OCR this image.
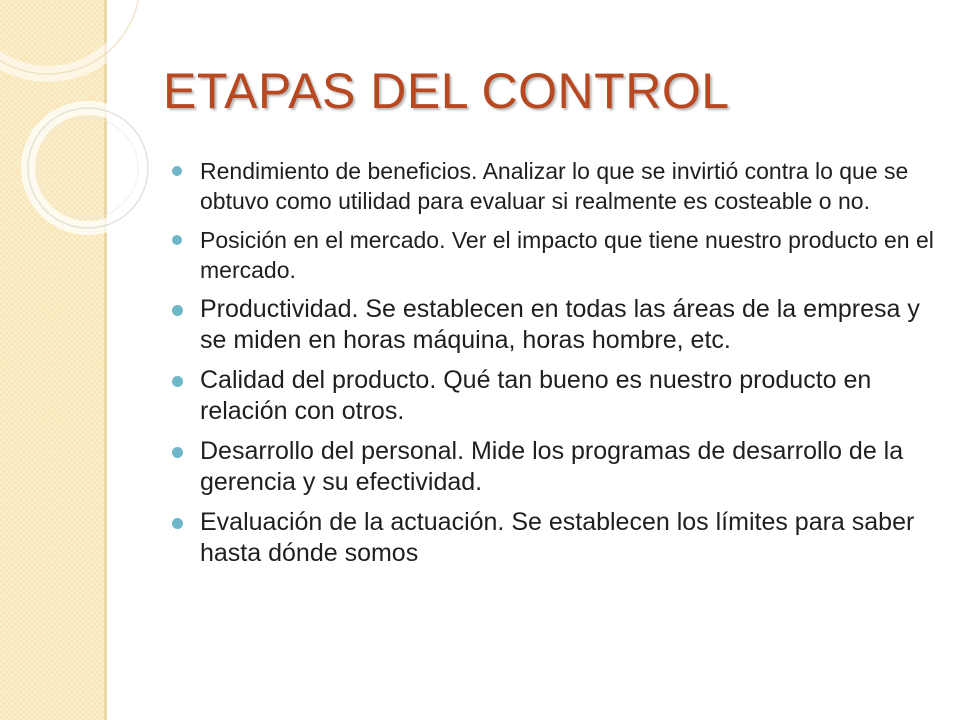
ETAPAS DEL CONTROL
Rendimiento de beneficios. Analizar lo que se invirtió contra lo que se obtuvo como utilidad para evaluar si realmente es costeable o no.
Posición en el mercado. Ver el impacto que tiene nuestro producto en el mercado.
Productividad. Se establecen en todas las áreas de la empresa y se miden en horas máquina, horas hombre, etc.
Calidad del producto. Qué tan bueno es nuestro producto en relación con otros.
Desarrollo del personal. Mide los programas de desarrollo de la gerencia y su efectividad.
Evaluación de la actuación. Se establecen los límites para saber hasta dónde somos
